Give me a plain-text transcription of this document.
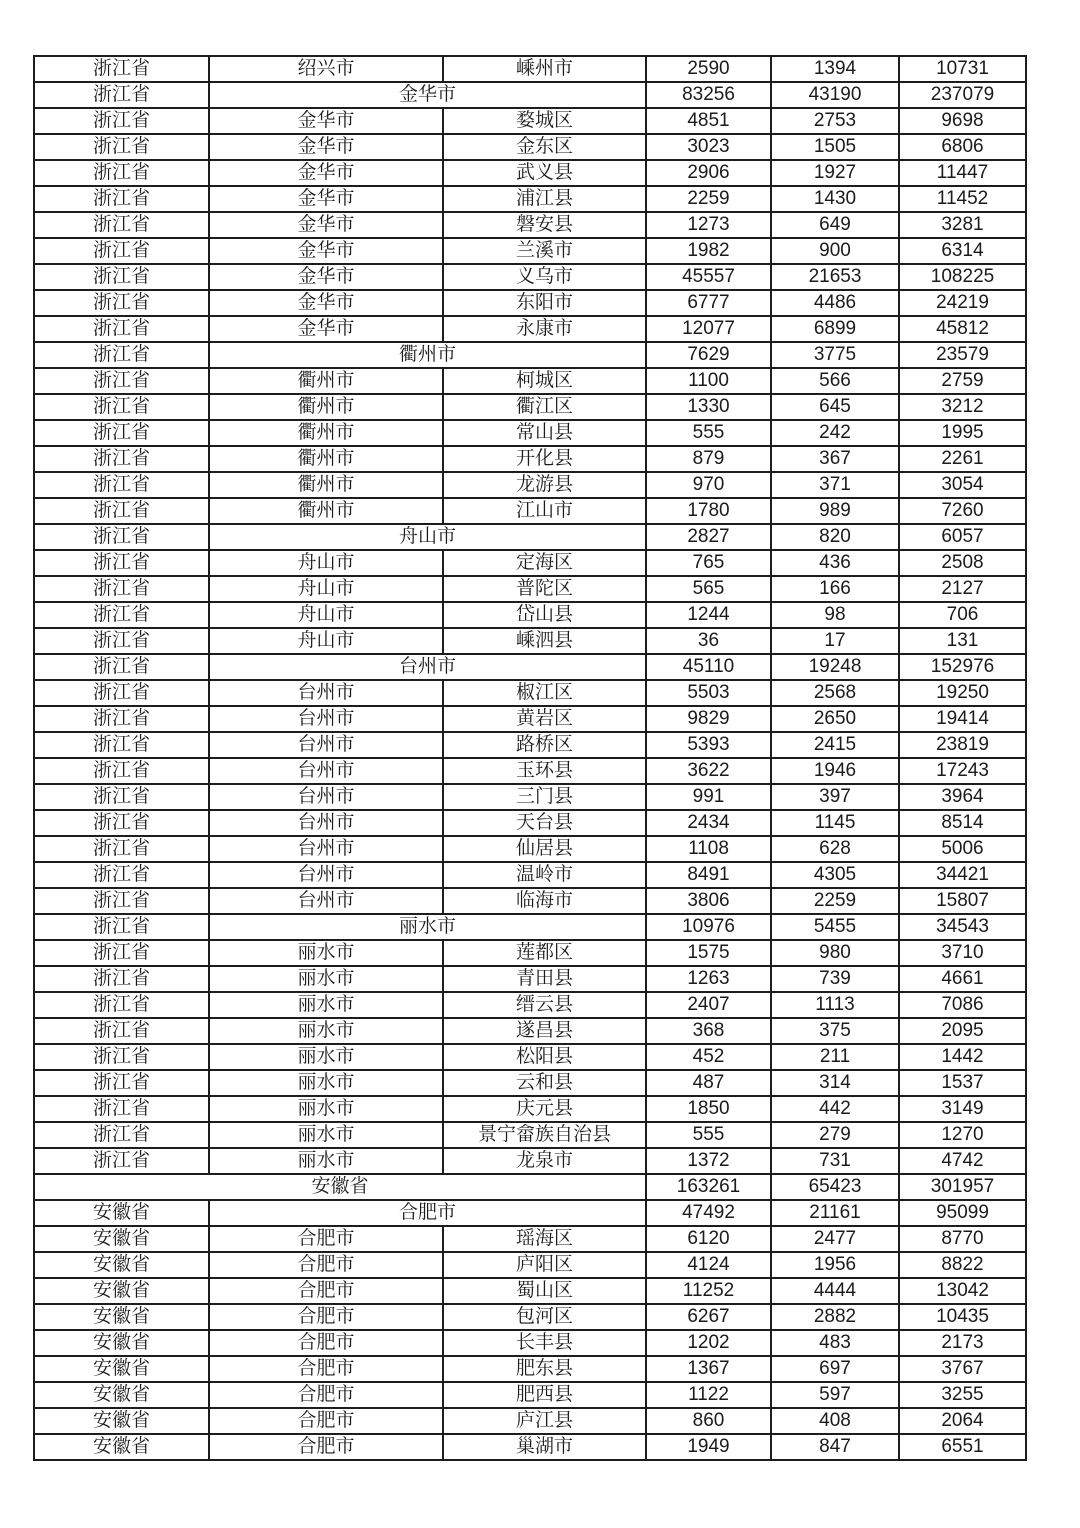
浙江省	绍兴市	嵊州市	2590	1394	10731
浙江省	金华市		83256	43190	237079
浙江省	金华市	婺城区	4851	2753	9698
浙江省	金华市	金东区	3023	1505	6806
浙江省	金华市	武义县	2906	1927	11447
浙江省	金华市	浦江县	2259	1430	11452
浙江省	金华市	磐安县	1273	649	3281
浙江省	金华市	兰溪市	1982	900	6314
浙江省	金华市	义乌市	45557	21653	108225
浙江省	金华市	东阳市	6777	4486	24219
浙江省	金华市	永康市	12077	6899	45812
浙江省	衢州市		7629	3775	23579
浙江省	衢州市	柯城区	1100	566	2759
浙江省	衢州市	衢江区	1330	645	3212
浙江省	衢州市	常山县	555	242	1995
浙江省	衢州市	开化县	879	367	2261
浙江省	衢州市	龙游县	970	371	3054
浙江省	衢州市	江山市	1780	989	7260
浙江省	舟山市		2827	820	6057
浙江省	舟山市	定海区	765	436	2508
浙江省	舟山市	普陀区	565	166	2127
浙江省	舟山市	岱山县	1244	98	706
浙江省	舟山市	嵊泗县	36	17	131
浙江省	台州市		45110	19248	152976
浙江省	台州市	椒江区	5503	2568	19250
浙江省	台州市	黄岩区	9829	2650	19414
浙江省	台州市	路桥区	5393	2415	23819
浙江省	台州市	玉环县	3622	1946	17243
浙江省	台州市	三门县	991	397	3964
浙江省	台州市	天台县	2434	1145	8514
浙江省	台州市	仙居县	1108	628	5006
浙江省	台州市	温岭市	8491	4305	34421
浙江省	台州市	临海市	3806	2259	15807
浙江省	丽水市		10976	5455	34543
浙江省	丽水市	莲都区	1575	980	3710
浙江省	丽水市	青田县	1263	739	4661
浙江省	丽水市	缙云县	2407	1113	7086
浙江省	丽水市	遂昌县	368	375	2095
浙江省	丽水市	松阳县	452	211	1442
浙江省	丽水市	云和县	487	314	1537
浙江省	丽水市	庆元县	1850	442	3149
浙江省	丽水市	景宁畲族自治县	555	279	1270
浙江省	丽水市	龙泉市	1372	731	4742
安徽省			163261	65423	301957
安徽省	合肥市		47492	21161	95099
安徽省	合肥市	瑶海区	6120	2477	8770
安徽省	合肥市	庐阳区	4124	1956	8822
安徽省	合肥市	蜀山区	11252	4444	13042
安徽省	合肥市	包河区	6267	2882	10435
安徽省	合肥市	长丰县	1202	483	2173
安徽省	合肥市	肥东县	1367	697	3767
安徽省	合肥市	肥西县	1122	597	3255
安徽省	合肥市	庐江县	860	408	2064
安徽省	合肥市	巢湖市	1949	847	6551
